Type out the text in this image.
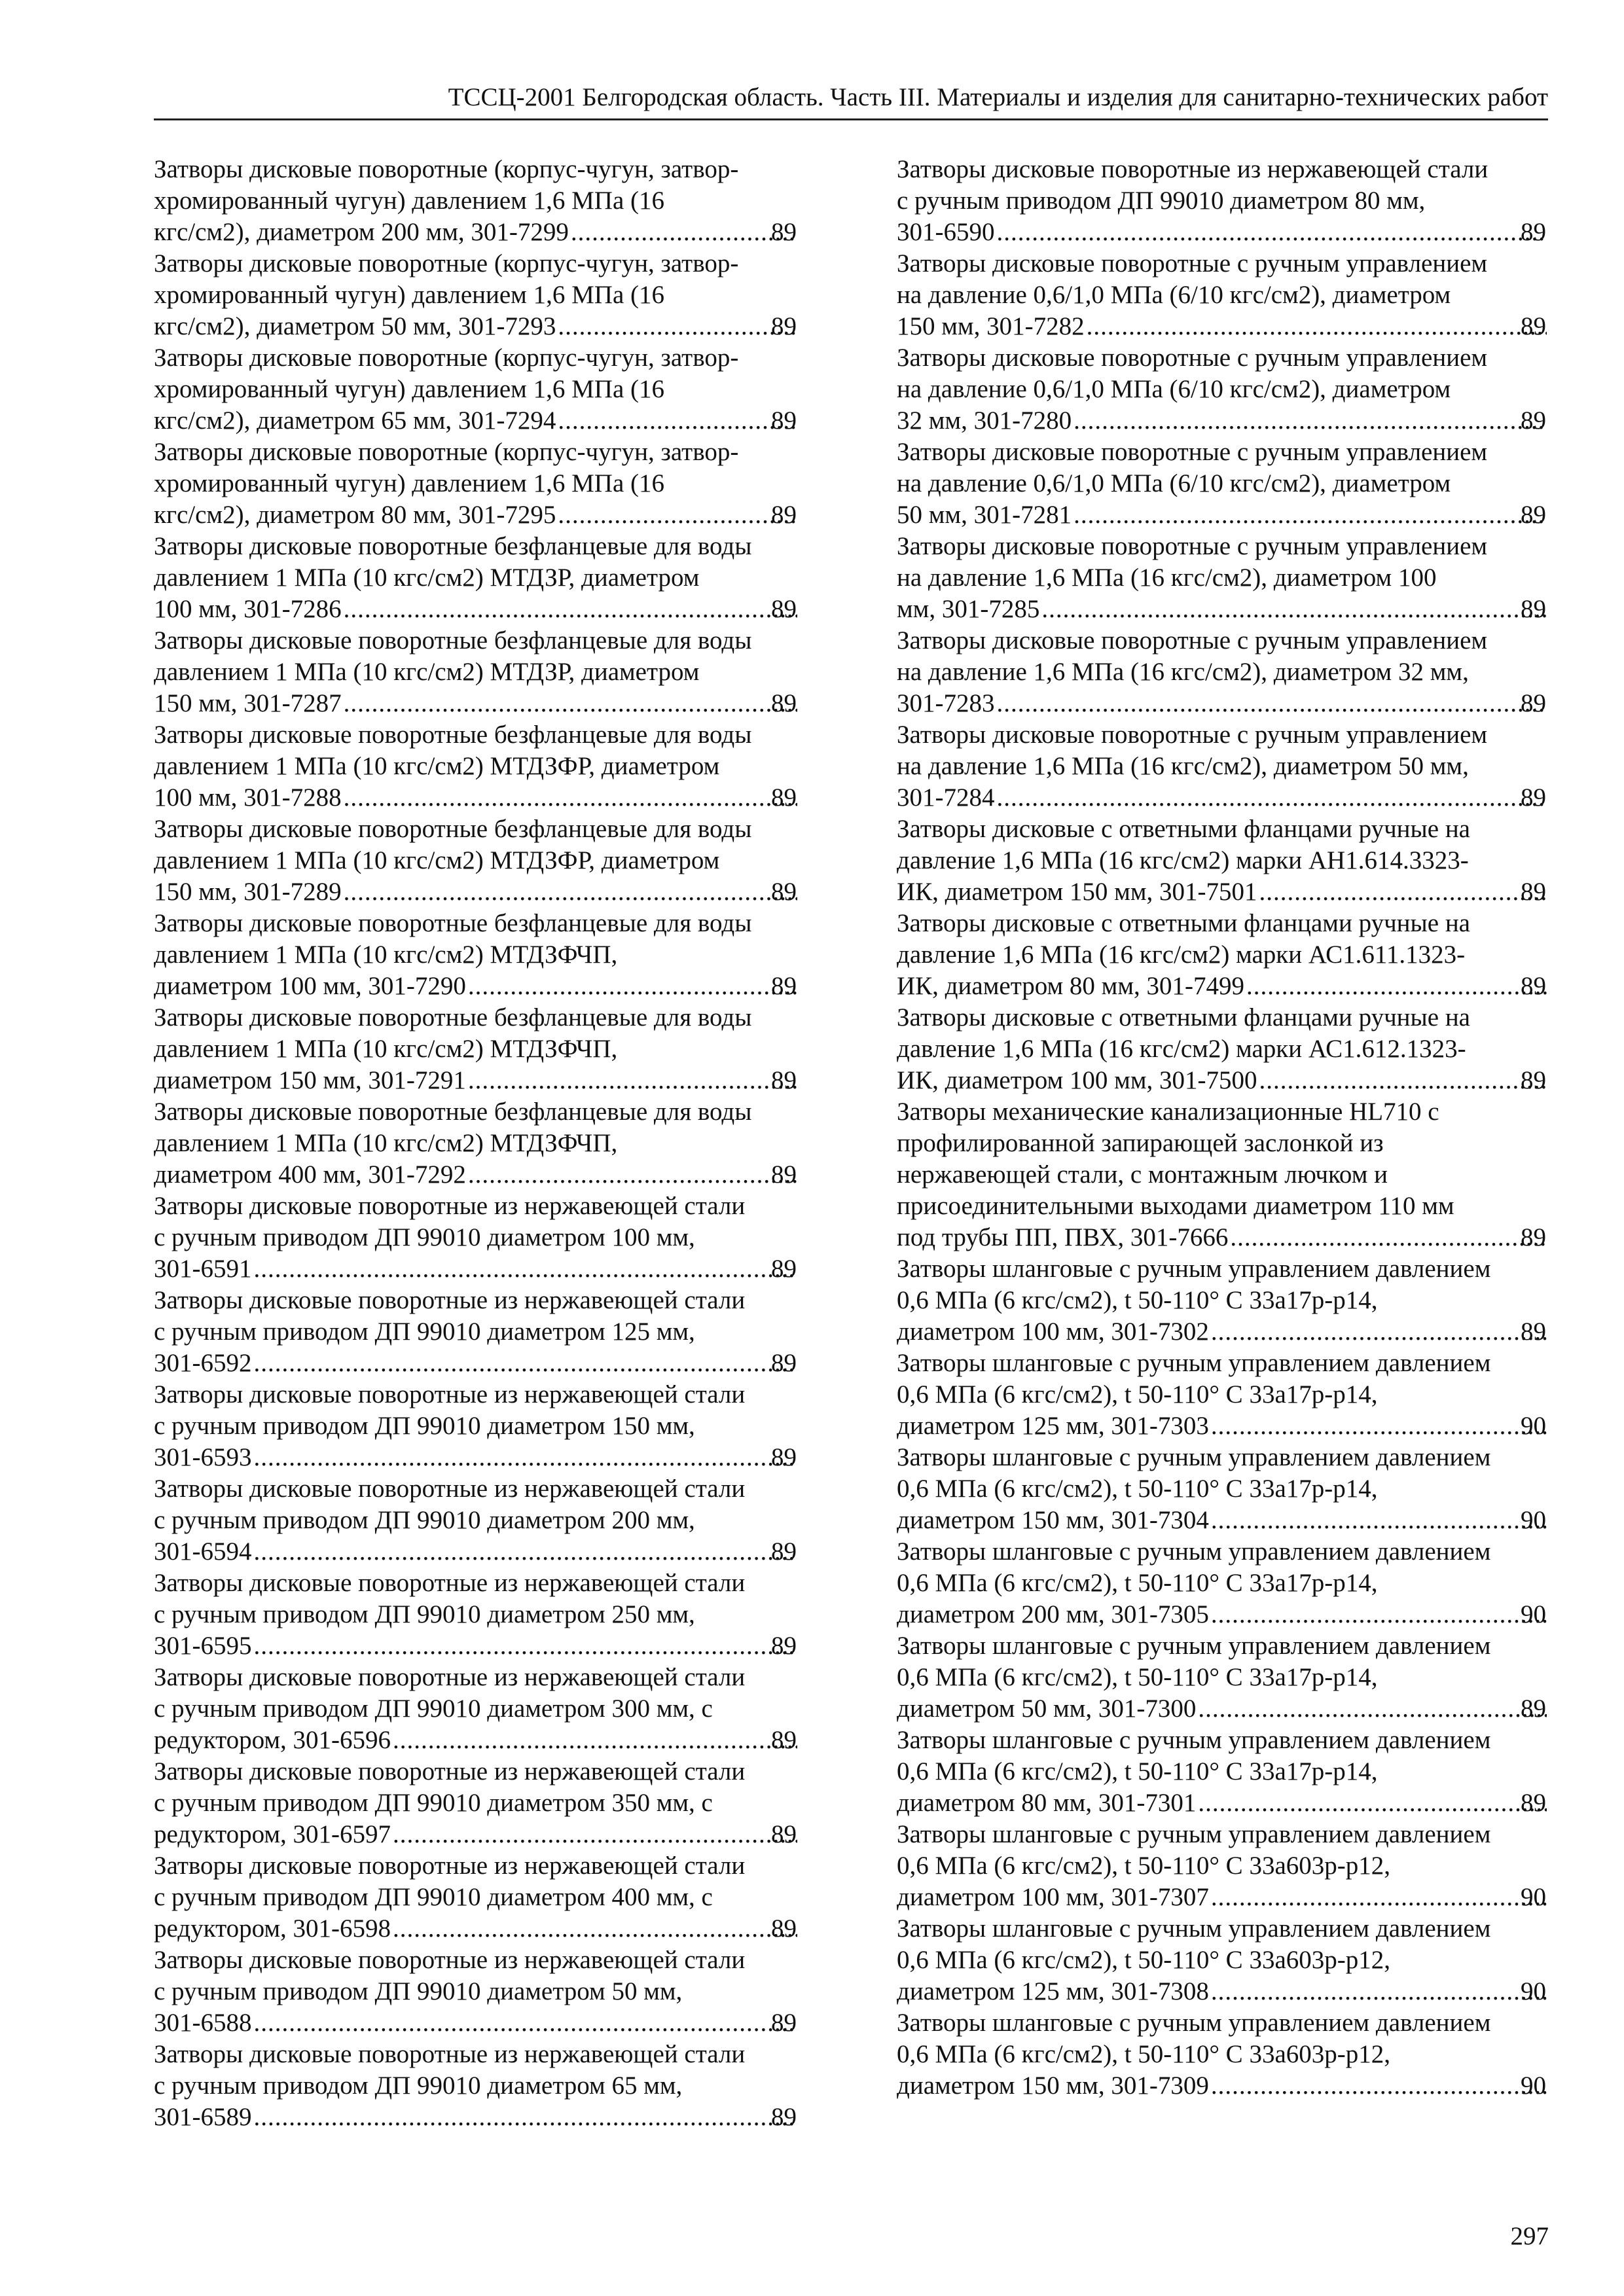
ТССЦ-2001 Белгородская область. Часть III. Материалы и изделия для санитарно-технических работ
Затворы дисковые поворотные (корпус-чугун, затвор-
хромированный чугун) давлением 1,6 МПа (16
кгс/см2), диаметром 200 мм, 301-7299 .....	89
Затворы дисковые поворотные (корпус-чугун, затвор-
хромированный чугун) давлением 1,6 МПа (16
кгс/см2), диаметром 50 мм, 301-7293 .....	89
Затворы дисковые поворотные (корпус-чугун, затвор-
хромированный чугун) давлением 1,6 МПа (16
кгс/см2), диаметром 65 мм, 301-7294 .....	89
Затворы дисковые поворотные (корпус-чугун, затвор-
хромированный чугун) давлением 1,6 МПа (16
кгс/см2), диаметром 80 мм, 301-7295 .....	89
Затворы дисковые поворотные безфланцевые для воды
давлением 1 МПа (10 кгс/см2) МТДЗР, диаметром
100 мм, 301-7286 .....	89
Затворы дисковые поворотные безфланцевые для воды
давлением 1 МПа (10 кгс/см2) МТДЗР, диаметром
150 мм, 301-7287 .....	89
Затворы дисковые поворотные безфланцевые для воды
давлением 1 МПа (10 кгс/см2) МТДЗФР, диаметром
100 мм, 301-7288 .....	89
Затворы дисковые поворотные безфланцевые для воды
давлением 1 МПа (10 кгс/см2) МТДЗФР, диаметром
150 мм, 301-7289 .....	89
Затворы дисковые поворотные безфланцевые для воды
давлением 1 МПа (10 кгс/см2) МТДЗФЧП,
диаметром 100 мм, 301-7290 .....	89
Затворы дисковые поворотные безфланцевые для воды
давлением 1 МПа (10 кгс/см2) МТДЗФЧП,
диаметром 150 мм, 301-7291 .....	89
Затворы дисковые поворотные безфланцевые для воды
давлением 1 МПа (10 кгс/см2) МТДЗФЧП,
диаметром 400 мм, 301-7292 .....	89
Затворы дисковые поворотные из нержавеющей стали
с ручным приводом ДП 99010 диаметром 100 мм,
301-6591 .....	89
Затворы дисковые поворотные из нержавеющей стали
с ручным приводом ДП 99010 диаметром 125 мм,
301-6592 .....	89
Затворы дисковые поворотные из нержавеющей стали
с ручным приводом ДП 99010 диаметром 150 мм,
301-6593 .....	89
Затворы дисковые поворотные из нержавеющей стали
с ручным приводом ДП 99010 диаметром 200 мм,
301-6594 .....	89
Затворы дисковые поворотные из нержавеющей стали
с ручным приводом ДП 99010 диаметром 250 мм,
301-6595 .....	89
Затворы дисковые поворотные из нержавеющей стали
с ручным приводом ДП 99010 диаметром 300 мм, с
редуктором, 301-6596 .....	89
Затворы дисковые поворотные из нержавеющей стали
с ручным приводом ДП 99010 диаметром 350 мм, с
редуктором, 301-6597 .....	89
Затворы дисковые поворотные из нержавеющей стали
с ручным приводом ДП 99010 диаметром 400 мм, с
редуктором, 301-6598 .....	89
Затворы дисковые поворотные из нержавеющей стали
с ручным приводом ДП 99010 диаметром 50 мм,
301-6588 .....	89
Затворы дисковые поворотные из нержавеющей стали
с ручным приводом ДП 99010 диаметром 65 мм,
301-6589 .....	89
Затворы дисковые поворотные из нержавеющей стали
с ручным приводом ДП 99010 диаметром 80 мм,
301-6590 .....	89
Затворы дисковые поворотные с ручным управлением
на давление 0,6/1,0 МПа (6/10 кгс/см2), диаметром
150 мм, 301-7282 .....	89
Затворы дисковые поворотные с ручным управлением
на давление 0,6/1,0 МПа (6/10 кгс/см2), диаметром
32 мм, 301-7280 .....	89
Затворы дисковые поворотные с ручным управлением
на давление 0,6/1,0 МПа (6/10 кгс/см2), диаметром
50 мм, 301-7281 .....	89
Затворы дисковые поворотные с ручным управлением
на давление 1,6 МПа (16 кгс/см2), диаметром 100
мм, 301-7285 .....	89
Затворы дисковые поворотные с ручным управлением
на давление 1,6 МПа (16 кгс/см2), диаметром 32 мм,
301-7283 .....	89
Затворы дисковые поворотные с ручным управлением
на давление 1,6 МПа (16 кгс/см2), диаметром 50 мм,
301-7284 .....	89
Затворы дисковые с ответными фланцами ручные на
давление 1,6 МПа (16 кгс/см2) марки АН1.614.3323-
ИК, диаметром 150 мм, 301-7501 .....	89
Затворы дисковые с ответными фланцами ручные на
давление 1,6 МПа (16 кгс/см2) марки АС1.611.1323-
ИК, диаметром 80 мм, 301-7499 .....	89
Затворы дисковые с ответными фланцами ручные на
давление 1,6 МПа (16 кгс/см2) марки АС1.612.1323-
ИК, диаметром 100 мм, 301-7500 .....	89
Затворы механические канализационные HL710 с
профилированной запирающей заслонкой из
нержавеющей стали, с монтажным лючком и
присоединительными выходами диаметром 110 мм
под трубы ПП, ПВХ, 301-7666 .....	89
Затворы шланговые с ручным управлением давлением
0,6 МПа (6 кгс/см2), t 50-110° С 33а17р-р14,
диаметром 100 мм, 301-7302 .....	89
Затворы шланговые с ручным управлением давлением
0,6 МПа (6 кгс/см2), t 50-110° С 33а17р-р14,
диаметром 125 мм, 301-7303 .....	90
Затворы шланговые с ручным управлением давлением
0,6 МПа (6 кгс/см2), t 50-110° С 33а17р-р14,
диаметром 150 мм, 301-7304 .....	90
Затворы шланговые с ручным управлением давлением
0,6 МПа (6 кгс/см2), t 50-110° С 33а17р-р14,
диаметром 200 мм, 301-7305 .....	90
Затворы шланговые с ручным управлением давлением
0,6 МПа (6 кгс/см2), t 50-110° С 33а17р-р14,
диаметром 50 мм, 301-7300 .....	89
Затворы шланговые с ручным управлением давлением
0,6 МПа (6 кгс/см2), t 50-110° С 33а17р-р14,
диаметром 80 мм, 301-7301 .....	89
Затворы шланговые с ручным управлением давлением
0,6 МПа (6 кгс/см2), t 50-110° С 33а603р-р12,
диаметром 100 мм, 301-7307 .....	90
Затворы шланговые с ручным управлением давлением
0,6 МПа (6 кгс/см2), t 50-110° С 33а603р-р12,
диаметром 125 мм, 301-7308 .....	90
Затворы шланговые с ручным управлением давлением
0,6 МПа (6 кгс/см2), t 50-110° С 33а603р-р12,
диаметром 150 мм, 301-7309 .....	90
297
